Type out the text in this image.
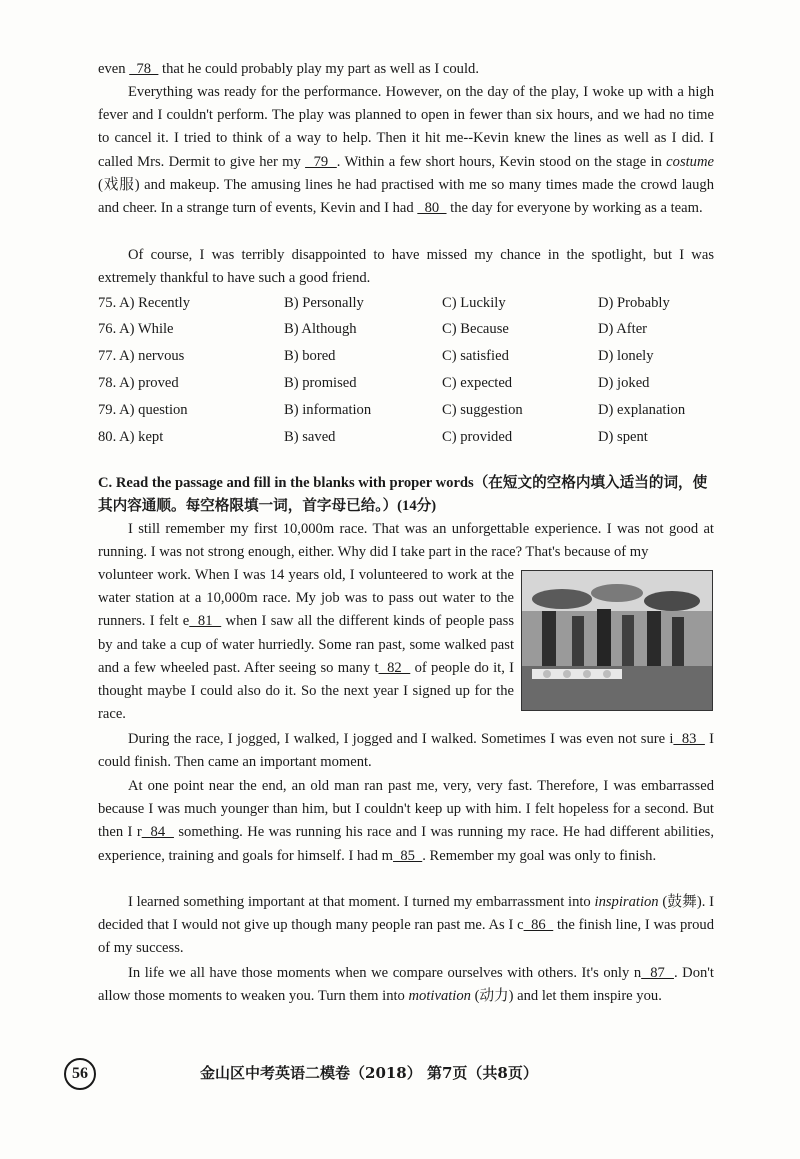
even   78   that he could probably play my part as well as I could.

Everything was ready for the performance. However, on the day of the play, I woke up with a high fever and I couldn't perform. The play was planned to open in fewer than six hours, and we had no time to cancel it. I tried to think of a way to help. Then it hit me--Kevin knew the lines as well as I did. I called Mrs. Dermit to give her my   79  . Within a few short hours, Kevin stood on the stage in costume (戏服) and makeup. The amusing lines he had practised with me so many times made the crowd laugh and cheer. In a strange turn of events, Kevin and I had   80   the day for everyone by working as a team.

Of course, I was terribly disappointed to have missed my chance in the spotlight, but I was extremely thankful to have such a good friend.

75. A) Recently	B) Personally	C) Luckily	D) Probably
76. A) While	B) Although	C) Because	D) After
77. A) nervous	B) bored	C) satisfied	D) lonely
78. A) proved	B) promised	C) expected	D) joked
79. A) question	B) information	C) suggestion	D) explanation
80. A) kept	B) saved	C) provided	D) spent

C. Read the passage and fill in the blanks with proper words（在短文的空格内填入适当的词，使其内容通顺。每空格限填一词，首字母已给。）(14分)

I still remember my first 10,000m race. That was an unforgettable experience. I was not good at running. I was not strong enough, either. Why did I take part in the race? That's because of my

volunteer work. When I was 14 years old, I volunteered to work at the water station at a 10,000m race. My job was to pass out water to the runners. I felt e  81   when I saw all the different kinds of people pass by and take a cup of water hurriedly. Some ran past, some walked past and a few wheeled past. After seeing so many t  82   of people do it, I thought maybe I could also do it. So the next year I signed up for the race.

During the race, I jogged, I walked, I jogged and I walked. Sometimes I was even not sure i  83   I could finish. Then came an important moment.

At one point near the end, an old man ran past me, very, very fast. Therefore, I was embarrassed because I was much younger than him, but I couldn't keep up with him. I felt hopeless for a second. But then I r  84   something. He was running his race and I was running my race. He had different abilities, experience, training and goals for himself. I had m  85  . Remember my goal was only to finish.

I learned something important at that moment. I turned my embarrassment into inspiration (鼓舞). I decided that I would not give up though many people ran past me. As I c  86   the finish line, I was proud of my success.

In life we all have those moments when we compare ourselves with others. It's only n  87  . Don't allow those moments to weaken you. Turn them into motivation (动力) and let them inspire you.

56	金山区中考英语二模卷（2018） 第7页（共8页）
